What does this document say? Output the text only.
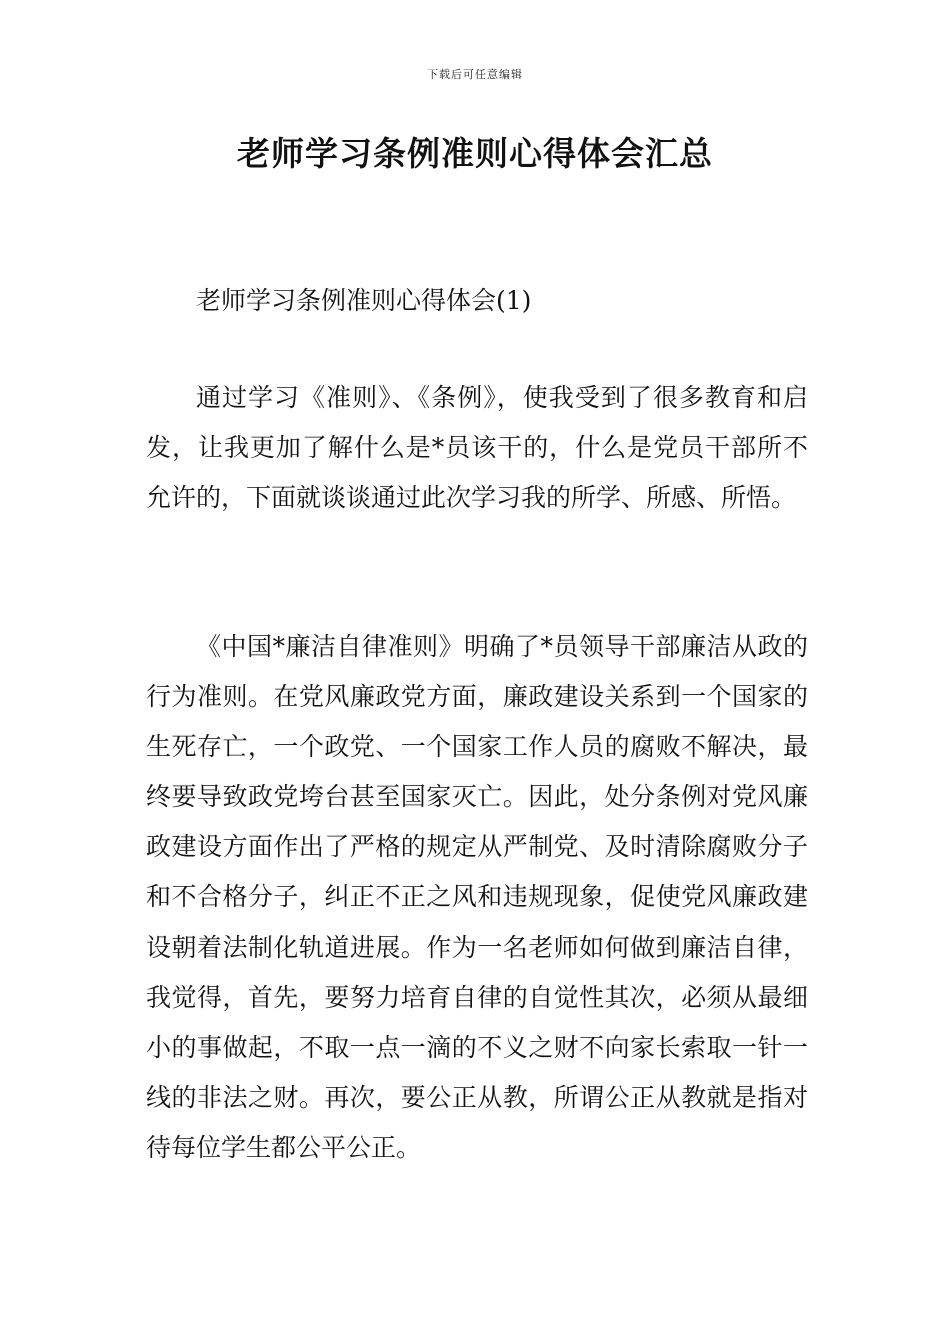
下载后可任意编辑
老师学习条例准则心得体会汇总
老师学习条例准则心得体会(1)

通过学习《准则》、《条例》，使我受到了很多教育和启发，让我更加了解什么是*员该干的，什么是党员干部所不允许的，下面就谈谈通过此次学习我的所学、所感、所悟。

《中国*廉洁自律准则》明确了*员领导干部廉洁从政的行为准则。在党风廉政党方面，廉政建设关系到一个国家的生死存亡，一个政党、一个国家工作人员的腐败不解决，最终要导致政党垮台甚至国家灭亡。因此，处分条例对党风廉政建设方面作出了严格的规定从严制党、及时清除腐败分子和不合格分子，纠正不正之风和违规现象，促使党风廉政建设朝着法制化轨道进展。作为一名老师如何做到廉洁自律，我觉得，首先，要努力培育自律的自觉性其次，必须从最细小的事做起，不取一点一滴的不义之财不向家长索取一针一线的非法之财。再次，要公正从教，所谓公正从教就是指对待每位学生都公平公正。
